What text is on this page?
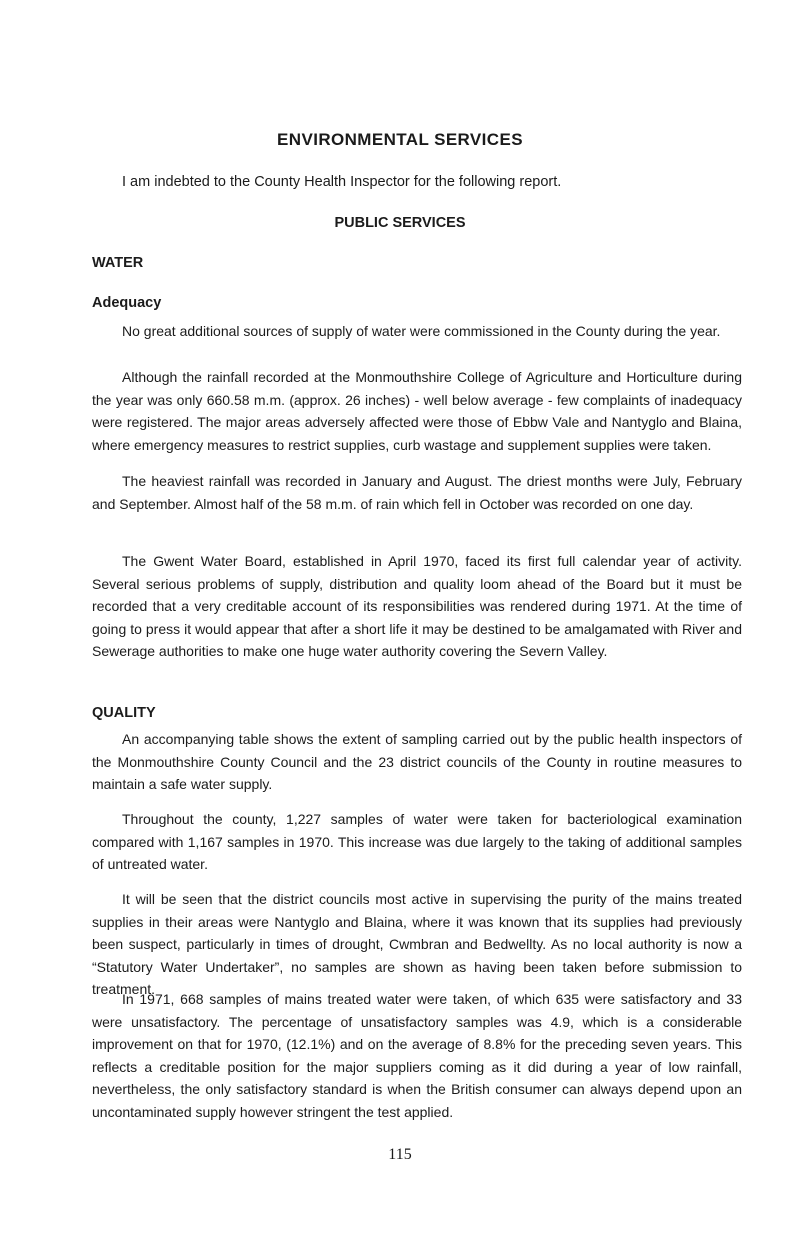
ENVIRONMENTAL SERVICES

I am indebted to the County Health Inspector for the following report.

PUBLIC SERVICES
WATER
Adequacy

No great additional sources of supply of water were commissioned in the County during the year.

Although the rainfall recorded at the Monmouthshire College of Agriculture and Horticulture during the year was only 660.58 m.m. (approx. 26 inches) - well below average - few complaints of inadequacy were registered. The major areas adversely affected were those of Ebbw Vale and Nantyglo and Blaina, where emergency measures to restrict supplies, curb wastage and supplement supplies were taken.

The heaviest rainfall was recorded in January and August. The driest months were July, February and September. Almost half of the 58 m.m. of rain which fell in October was recorded on one day.

The Gwent Water Board, established in April 1970, faced its first full calendar year of activity. Several serious problems of supply, distribution and quality loom ahead of the Board but it must be recorded that a very creditable account of its responsibilities was rendered during 1971. At the time of going to press it would appear that after a short life it may be destined to be amalgamated with River and Sewerage authorities to make one huge water authority covering the Severn Valley.

QUALITY

An accompanying table shows the extent of sampling carried out by the public health inspectors of the Monmouthshire County Council and the 23 district councils of the County in routine measures to maintain a safe water supply.

Throughout the county, 1,227 samples of water were taken for bacteriological examination compared with 1,167 samples in 1970. This increase was due largely to the taking of additional samples of untreated water.

It will be seen that the district councils most active in supervising the purity of the mains treated supplies in their areas were Nantyglo and Blaina, where it was known that its supplies had previously been suspect, particularly in times of drought, Cwmbran and Bedwellty. As no local authority is now a “Statutory Water Undertaker”, no samples are shown as having been taken before submission to treatment.

In 1971, 668 samples of mains treated water were taken, of which 635 were satisfactory and 33 were unsatisfactory. The percentage of unsatisfactory samples was 4.9, which is a considerable improvement on that for 1970, (12.1%) and on the average of 8.8% for the preceding seven years. This reflects a creditable position for the major suppliers coming as it did during a year of low rainfall, nevertheless, the only satisfactory standard is when the British consumer can always depend upon an uncontaminated supply however stringent the test applied.

115
